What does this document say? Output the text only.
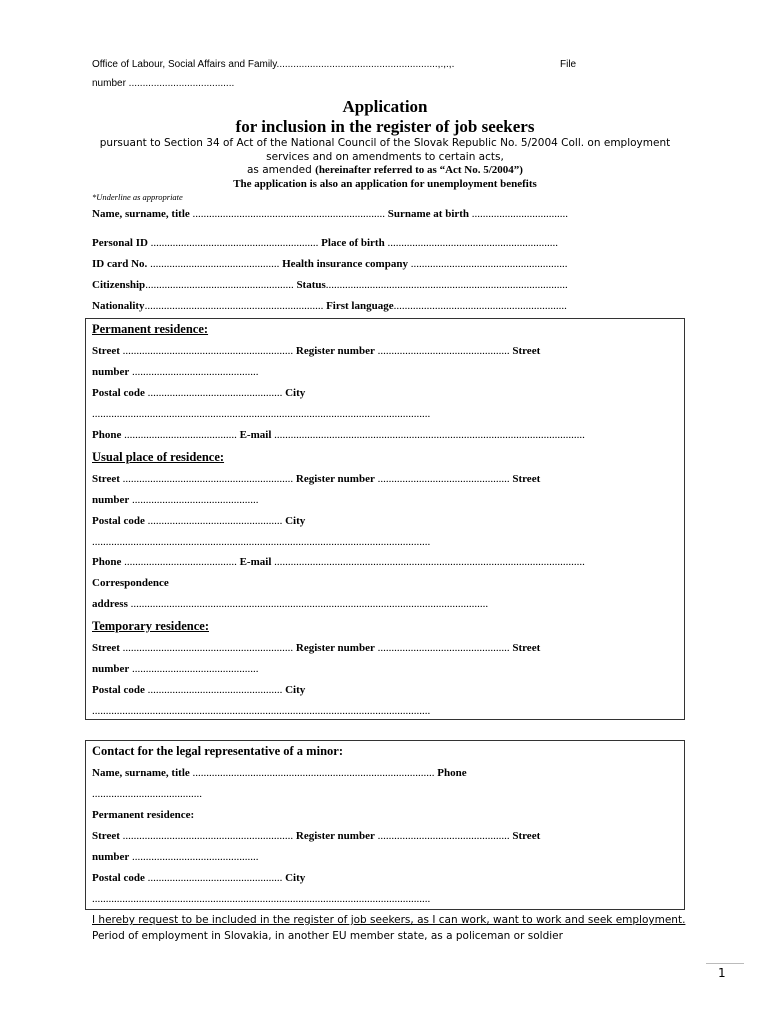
Office of Labour, Social Affairs and Family..........................................................,.,.,.	File
number ......................................
Application
for inclusion in the register of job seekers
pursuant to Section 34 of Act of the National Council of the Slovak Republic No. 5/2004 Coll. on employment
services and on amendments to certain acts,
as amended (hereinafter referred to as “Act No. 5/2004”)
The application is also an application for unemployment benefits
*Underline as appropriate
Name, surname, title ...................................................................... Surname at birth ...................................
Personal ID ............................................................. Place of birth ..............................................................
ID card No. ............................................... Health insurance company .........................................................
Citizenship...................................................... Status........................................................................................
Nationality................................................................. First language...............................................................
Permanent residence:
Street .............................................................. Register number ................................................ Street
number ..............................................
Postal code ................................................. City
...........................................................................................................................
Phone ......................................... E-mail .................................................................................................................
Usual place of residence:
Street .............................................................. Register number ................................................ Street
number ..............................................
Postal code ................................................. City
...........................................................................................................................
Phone ......................................... E-mail .................................................................................................................
Correspondence
address ..................................................................................................................................
Temporary residence:
Street .............................................................. Register number ................................................ Street
number ..............................................
Postal code ................................................. City
...........................................................................................................................
Contact for the legal representative of a minor:
Name, surname, title ........................................................................................ Phone
........................................
Permanent residence:
Street .............................................................. Register number ................................................ Street
number ..............................................
Postal code ................................................. City
...........................................................................................................................
I hereby request to be included in the register of job seekers, as I can work, want to work and seek employment.
Period of employment in Slovakia, in another EU member state, as a policeman or soldier
1
